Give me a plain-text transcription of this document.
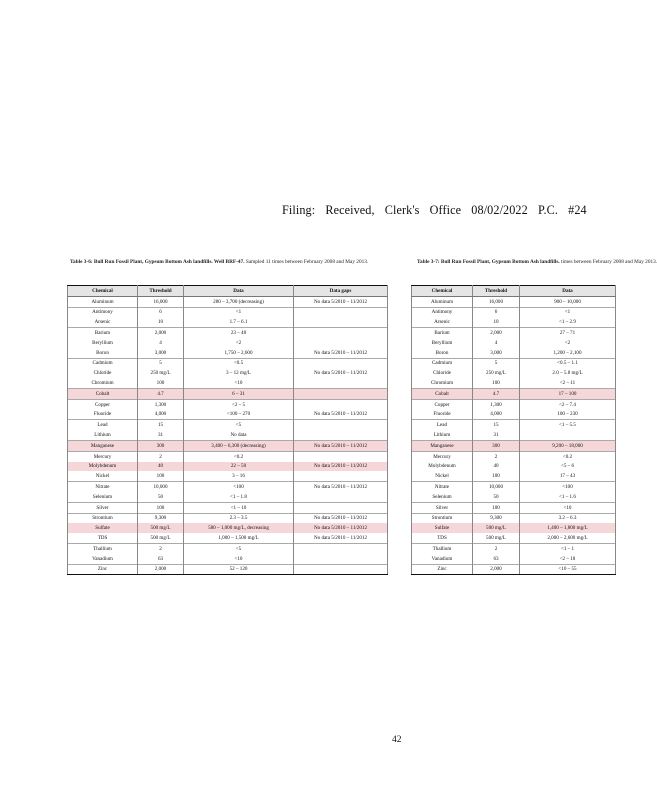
Filing: Received, Clerk's Office 08/02/2022 P.C. #24
Table 3-6: Bull Run Fossil Plant, Gypsum Bottom Ash landfills. Well BRF-47. Sampled 11 times between February 2008 and May 2013.
Chemical	Threshold	Data	Data gaps
Aluminum	16,000	280 – 3,700 (decreasing)	No data 5/2010 – 11/2012
Antimony	6	<1	
Arsenic	10	1.7 – 6.1	
Barium	2,000	23 – 48	
Beryllium	4	<2	
Boron	3,000	1,750 – 2,600	No data 5/2010 – 11/2012
Cadmium	5	<0.5	
Chloride	250 mg/L	3 – 12 mg/L	No data 5/2010 – 11/2012
Chromium	100	<10	
Cobalt	4.7	6 – 31	
Copper	1,300	<2 – 5	
Fluoride	4,000	<100 – 270	No data 5/2010 – 11/2012
Lead	15	<5	
Lithium	31	No data	
Manganese	300	3,400 – 6,300 (decreasing)	No data 5/2010 – 11/2012
Mercury	2	<0.2	
Molybdenum	40	22 – 50	No data 5/2010 – 11/2012
Nickel	100	3 – 16	
Nitrate	10,000	<100	No data 5/2010 – 11/2012
Selenium	50	<1 – 1.8	
Silver	100	<1 – 10	
Strontium	9,300	2.3 – 3.5	No data 5/2010 – 11/2012
Sulfate	500 mg/L	580 – 1,000 mg/L, decreasing	No data 5/2010 – 11/2012
TDS	500 mg/L	1,000 – 1,500 mg/L	No data 5/2010 – 11/2012
Thallium	2	<5	
Vanadium	63	<10	
Zinc	2,000	52 – 120	
Table 3-7: Bull Run Fossil Plant, Gypsum Bottom Ash landfills. times between February 2008 and May 2013.
Chemical	Threshold	Data
Aluminum	16,000	900 – 10,000
Antimony	6	<1
Arsenic	10	<1 – 2.9
Barium	2,000	27 – 71
Beryllium	4	<2
Boron	3,000	1,200 – 2,100
Cadmium	5	<0.5 – 1.1
Chloride	250 mg/L	2.0 – 5.8 mg/L
Chromium	100	<2 – 11
Cobalt	4.7	17 – 100
Copper	1,300	<2 – 7.4
Fluoride	4,000	100 – 230
Lead	15	<1 – 5.5
Lithium	31	
Manganese	300	9,200 – 18,000
Mercury	2	<0.2
Molybdenum	40	<5 – 6
Nickel	100	17 – 43
Nitrate	10,000	<100
Selenium	50	<1 – 1.6
Silver	100	<10
Strontium	9,300	3.2 – 6.3
Sulfate	500 mg/L	1,400 – 1,800 mg/L
TDS	500 mg/L	2,000 – 2,600 mg/L
Thallium	2	<1 – 1
Vanadium	63	<2 – 18
Zinc	2,000	<10 – 55
42
